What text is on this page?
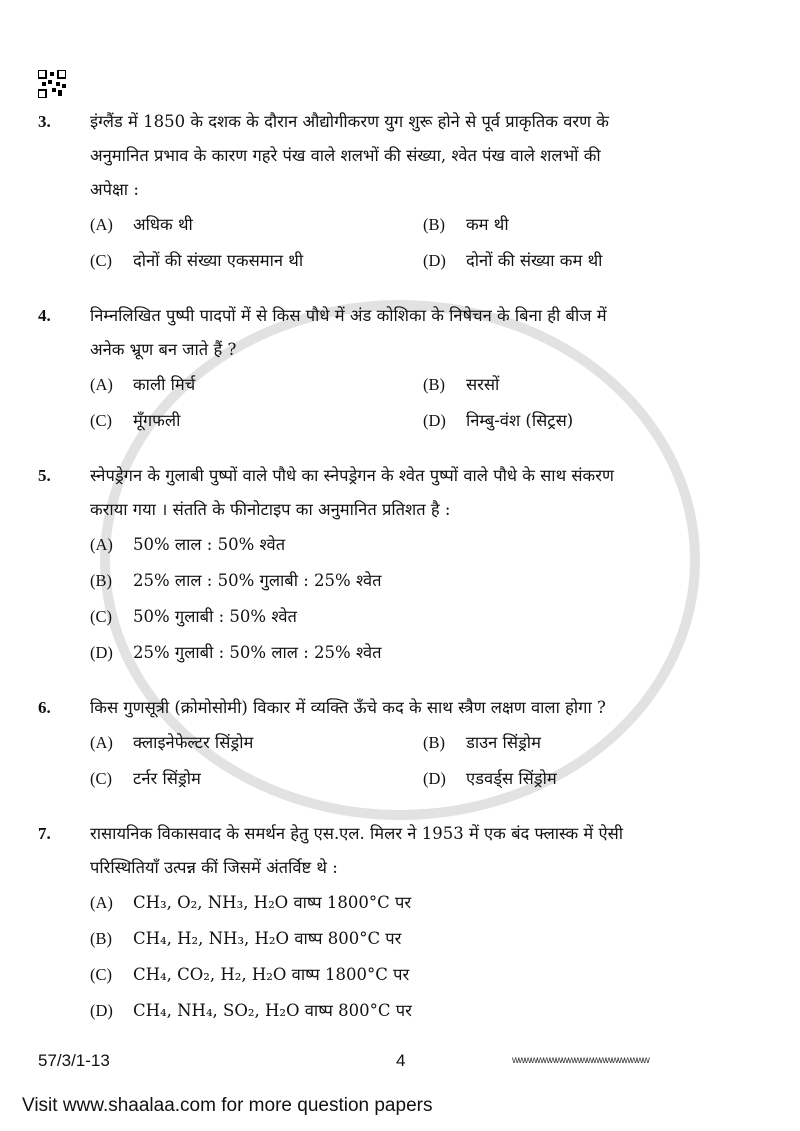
3.	इंग्लैंड में 1850 के दशक के दौरान औद्योगीकरण युग शुरू होने से पूर्व प्राकृतिक वरण के
अनुमानित प्रभाव के कारण गहरे पंख वाले शलभों की संख्या, श्वेत पंख वाले शलभों की
अपेक्षा :
(A)	अधिक थी	(B)	कम थी
(C)	दोनों की संख्या एकसमान थी	(D)	दोनों की संख्या कम थी
4.	निम्नलिखित पुष्पी पादपों में से किस पौधे में अंड कोशिका के निषेचन के बिना ही बीज में
अनेक भ्रूण बन जाते हैं ?
(A)	काली मिर्च	(B)	सरसों
(C)	मूँगफली	(D)	निम्बु-वंश (सिट्रस)
5.	स्नेपड्रेगन के गुलाबी पुष्पों वाले पौधे का स्नेपड्रेगन के श्वेत पुष्पों वाले पौधे के साथ संकरण
कराया गया । संतति के फीनोटाइप का अनुमानित प्रतिशत है :
(A)	50% लाल : 50% श्वेत
(B)	25% लाल : 50% गुलाबी : 25% श्वेत
(C)	50% गुलाबी : 50% श्वेत
(D)	25% गुलाबी : 50% लाल : 25% श्वेत
6.	किस गुणसूत्री (क्रोमोसोमी) विकार में व्यक्ति ऊँचे कद के साथ स्त्रैण लक्षण वाला होगा ?
(A)	क्लाइनेफेल्टर सिंड्रोम	(B)	डाउन सिंड्रोम
(C)	टर्नर सिंड्रोम	(D)	एडवर्ड्स सिंड्रोम
7.	रासायनिक विकासवाद के समर्थन हेतु एस.एल. मिलर ने 1953 में एक बंद फ्लास्क में ऐसी
परिस्थितियाँ उत्पन्न कीं जिसमें अंतर्विष्ट थे :
(A)	CH₃, O₂, NH₃, H₂O वाष्प 1800°C पर
(B)	CH₄, H₂, NH₃, H₂O वाष्प 800°C पर
(C)	CH₄, CO₂, H₂, H₂O वाष्प 1800°C पर
(D)	CH₄, NH₄, SO₂, H₂O वाष्प 800°C पर
57/3/1-13	4	wwwwwwwwwwwwwwwwwwwwww
Visit www.shaalaa.com for more question papers
